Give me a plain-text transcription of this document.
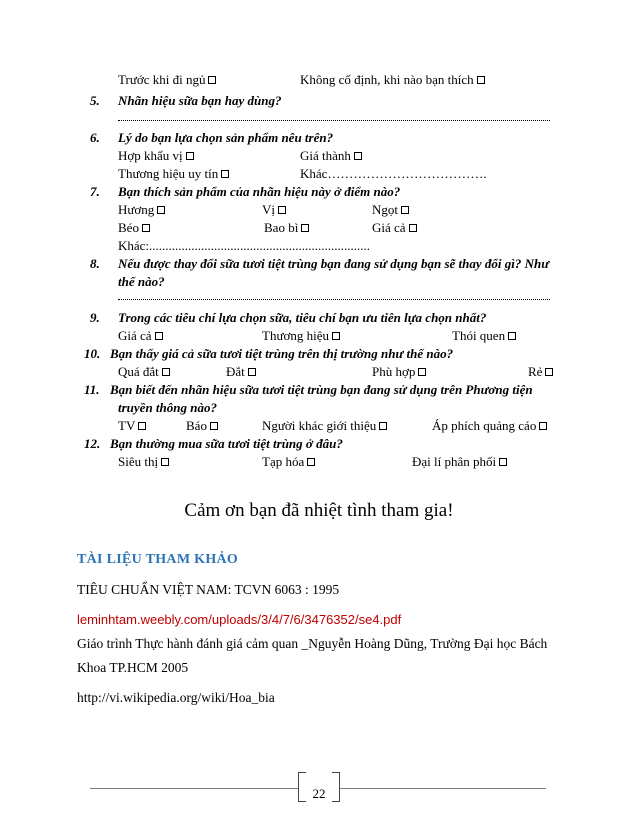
Trước khi đi ngủ	Không cố định, khi nào bạn thích
5. Nhãn hiệu sữa bạn hay dùng?
6. Lý do bạn lựa chọn sản phẩm nêu trên?
Hợp khẩu vị	Giá thành
Thương hiệu uy tín	Khác……………………………….
7. Bạn thích sản phẩm của nhãn hiệu này ở điểm nào?
Hương	Vị	Ngọt
Béo	Bao bì	Giá cả
Khác:....................................................................
8. Nếu được thay đổi sữa tươi tiệt trùng bạn đang sử dụng bạn sẽ thay đổi gì? Như
thế nào?
9. Trong các tiêu chí lựa chọn sữa, tiêu chí bạn ưu tiên lựa chọn nhất?
Giá cả	Thương hiệu	Thói quen
10. Bạn thấy giá cả sữa tươi tiệt trùng trên thị trường như thế nào?
Quá đắt	Đắt	Phù hợp	Rẻ
11. Bạn biết đến nhãn hiệu sữa tươi tiệt trùng bạn đang sử dụng trên Phương tiện
truyền thông nào?
TV	Báo	Người khác giới thiệu	Áp phích quảng cáo
12. Bạn thường mua sữa tươi tiệt trùng ở đâu?
Siêu thị	Tạp hóa	Đại lí phân phối
Cảm ơn bạn đã nhiệt tình tham gia!
TÀI LIỆU THAM KHẢO
TIÊU CHUẨN VIỆT NAM: TCVN 6063 : 1995
leminhtam.weebly.com/uploads/3/4/7/6/3476352/se4.pdf
Giáo trình Thực hành đánh giá cảm quan _Nguyễn Hoàng Dũng, Trường Đại học Bách
Khoa TP.HCM 2005
http://vi.wikipedia.org/wiki/Hoa_bia
22
